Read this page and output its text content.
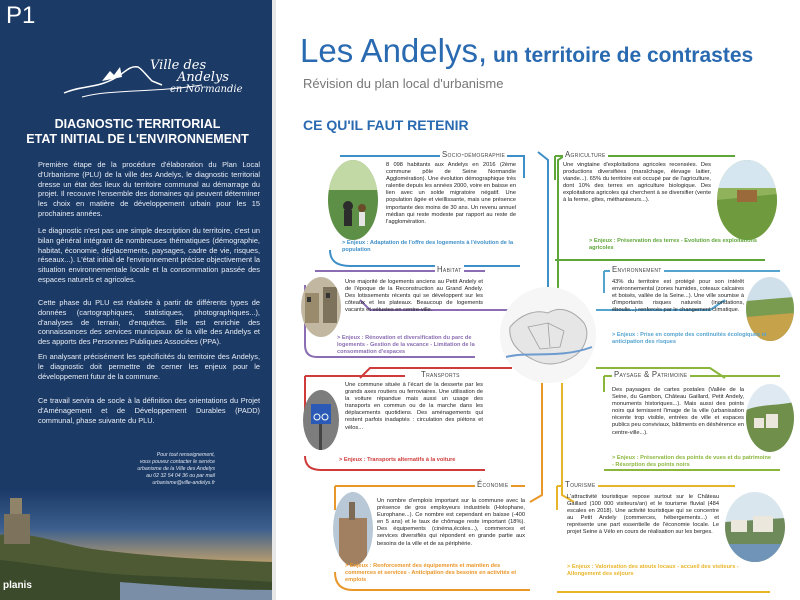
P1
Ville des
Andelys
en Normandie
DIAGNOSTIC TERRITORIAL
ETAT INITIAL DE L'ENVIRONNEMENT
Première étape de la procédure d'élaboration du Plan Local d'Urbanisme (PLU) de la ville des Andelys, le diagnostic territorial dresse un état des lieux du territoire communal au démarrage du projet. Il recouvre l'ensemble des domaines qui peuvent déterminer les choix en matière de développement urbain pour les 15 prochaines années.
Le diagnostic n'est pas une simple description du territoire, c'est un bilan général intégrant de nombreuses thématiques (démographie, habitat, économie, déplacements, paysages, cadre de vie, risques, réseaux...). L'état initial de l'environnement précise objectivement la situation environnementale locale et la consommation passée des espaces naturels et agricoles.
Cette phase du PLU est réalisée à partir de différents types de données (cartographiques, statistiques, photographiques...), d'analyses de terrain, d'enquêtes. Elle est enrichie des connaissances des services municipaux de la ville des Andelys et des apports des Personnes Publiques Associées (PPA).
En analysant précisément les spécificités du territoire des Andelys, le diagnostic doit permettre de cerner les enjeux pour le développement futur de la commune.
Ce travail servira de socle à la définition des orientations du Projet d'Aménagement et de Développement Durables (PADD) communal, phase suivante du PLU.
Pour tout renseignement,
vous pouvez contacter le service
urbanisme de la Ville des Andelys
au 02 32 54 04 36 ou par mail
urbanisme@ville-andelys.fr
planis
Les Andelys, un territoire de contrastes
Révision du plan local d'urbanisme
CE QU'IL FAUT RETENIR
Socio-démographie
8 098 habitants aux Andelys en 2016 (2ème commune pôle de Seine Normandie Agglomération). Une évolution démographique très ralentie depuis les années 2000, voire en baisse en lien avec un solde migratoire négatif. Une population âgée et vieillissante, mais une présence importante des moins de 30 ans. Un revenu annuel médian qui reste modeste par rapport au reste de l'agglomération.
> Enjeux : Adaptation de l'offre des logements à l'évolution de la population
Agriculture
Une vingtaine d'exploitations agricoles recensées. Des productions diversifiées (maraîchage, élevage laitier, viande...). 65% du territoire est occupé par de l'agriculture, dont 10% des terres en agriculture biologique. Des exploitations agricoles qui cherchent à se diversifier (vente à la ferme, gîtes, méthaniseurs...).
> Enjeux : Préservation des terres - Evolution des exploitations agricoles
Habitat
Une majorité de logements anciens au Petit Andely et de l'époque de la Reconstruction au Grand Andely. Des lotissements récents qui se développent sur les côteaux et les plateaux. Beaucoup de logements vacants et vétustes en centre-ville.
> Enjeux : Rénovation et diversification du parc de logements - Gestion de la vacance - Limitation de la consommation d'espaces
Environnement
43% du territoire est protégé pour son intérêt environnemental (zones humides, coteaux calcaires et boisés, vallée de la Seine...). Une ville soumise à d'importants risques naturels (inondations, éboulis...) renforcés par le changement climatique.
> Enjeux : Prise en compte des continuités écologiques et anticipation des risques
Transports
Une commune située à l'écart de la desserte par les grands axes routiers ou ferroviaires. Une utilisation de la voiture répandue mais aussi un usage des transports en commun ou de la marche dans les déplacements quotidiens. Des aménagements qui restent parfois inadaptés : circulation des piétons et vélos...
> Enjeux : Transports alternatifs à la voiture
Paysage & Patrimoine
Des paysages de cartes postales (Vallée de la Seine, du Gambon, Château Gaillard, Petit Andely, monuments historiques...). Mais aussi des points noirs qui ternissent l'image de la ville (urbanisation récente trop visible, entrées de ville et espaces publics peu conviviaux, bâtiments en déshérence en centre-ville...).
> Enjeux : Préservation des points de vues et du patrimoine - Résorption des points noirs
Économie
Un nombre d'emplois important sur la commune avec la présence de gros employeurs industriels (Holophane, Europhane...). Ce nombre est cependant en baisse (-400 en 5 ans) et le taux de chômage reste important (18%). Des équipements (cinéma,écoles...), commerces et services diversifiés qui répondent en grande partie aux besoins de la ville et de sa périphérie.
> Enjeux : Renforcement des équipements et maintien des commerces et services - Anticipation des besoins en activités et emplois
Tourisme
L'attractivité touristique repose surtout sur le Château Gaillard (100 000 visiteurs/an) et le tourisme fluvial (484 escales en 2018). Une activité touristique qui se concentre au Petit Andely (commerces, hébergements...) et représente une part essentielle de l'économie locale. Le projet Seine à Vélo en cours de réalisation sur les berges.
> Enjeux : Valorisation des atouts locaux - accueil des visiteurs - Allongement des séjours
